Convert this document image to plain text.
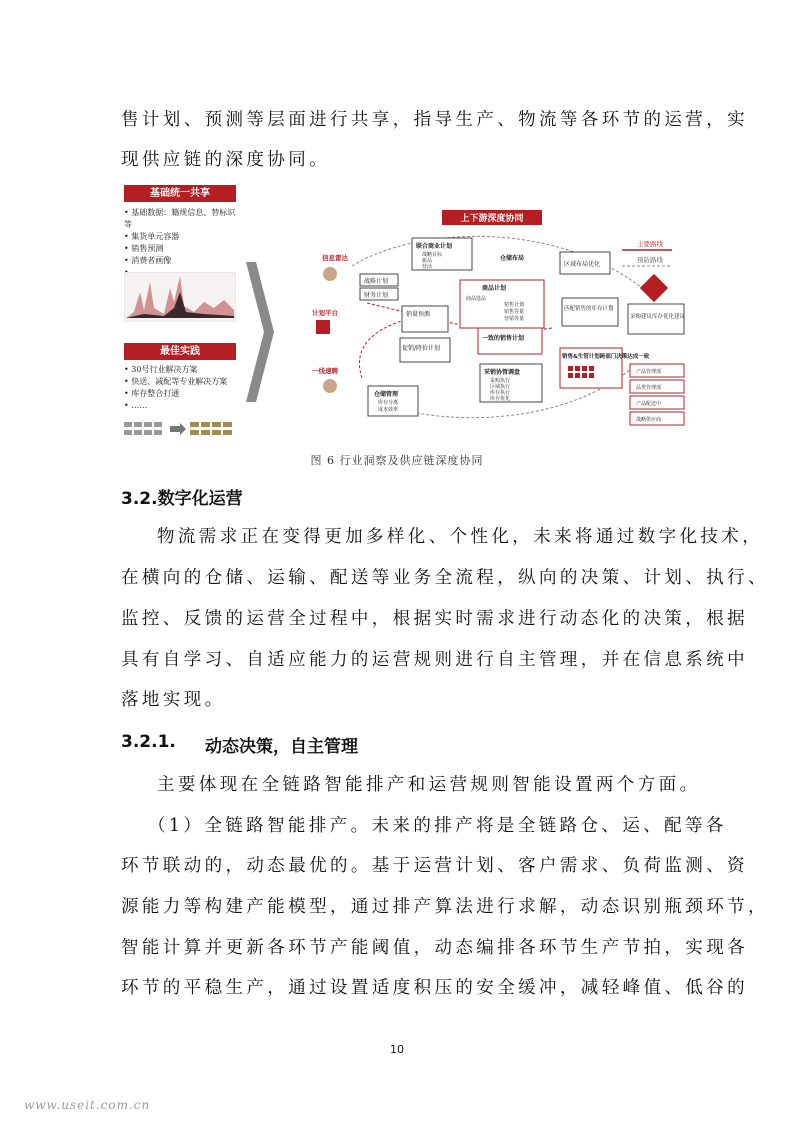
售计划、预测等层面进行共享，指导生产、物流等各环节的运营，实
现供应链的深度协同。
基础统一共享
• 基础数据：籍规信息、替标识等
• 集货单元容器
• 销售预测
• 消费者画像
•
最佳实践
• 30号行业解决方案
• 快送、减配等专业解决方案
• 库存整合打通
• ……
上下游深度协同
主要路线
预防路线
信息雷达
计划平台
一线速聘
战略计划
财务计划
联合商业计划
战略目标
新品
营活
仓储布局
区域布局优化
商品计划
商品选品
销售计划
销售等量
营销等量
销量预测
促销/降价计划
一致的销售计划
采销协管调盘
采购执行
区域执行
库存执行
库存优化
匹配销售的库存计划
销售&生管计划跨部门决策达成一致
采购建议库存优化建议
仓储管理
库存分离
成本效率
产品管理部
品类管理部
产品配送中
战略供应商
图 6 行业洞察及供应链深度协同
3.2.数字化运营
物流需求正在变得更加多样化、个性化，未来将通过数字化技术，
在横向的仓储、运输、配送等业务全流程，纵向的决策、计划、执行、
监控、反馈的运营全过程中，根据实时需求进行动态化的决策，根据
具有自学习、自适应能力的运营规则进行自主管理，并在信息系统中
落地实现。
3.2.1. 动态决策，自主管理
主要体现在全链路智能排产和运营规则智能设置两个方面。
（1）全链路智能排产。未来的排产将是全链路仓、运、配等各
环节联动的，动态最优的。基于运营计划、客户需求、负荷监测、资
源能力等构建产能模型，通过排产算法进行求解，动态识别瓶颈环节，
智能计算并更新各环节产能阈值，动态编排各环节生产节拍，实现各
环节的平稳生产，通过设置适度积压的安全缓冲，减轻峰值、低谷的
10
www.useit.com.cn
